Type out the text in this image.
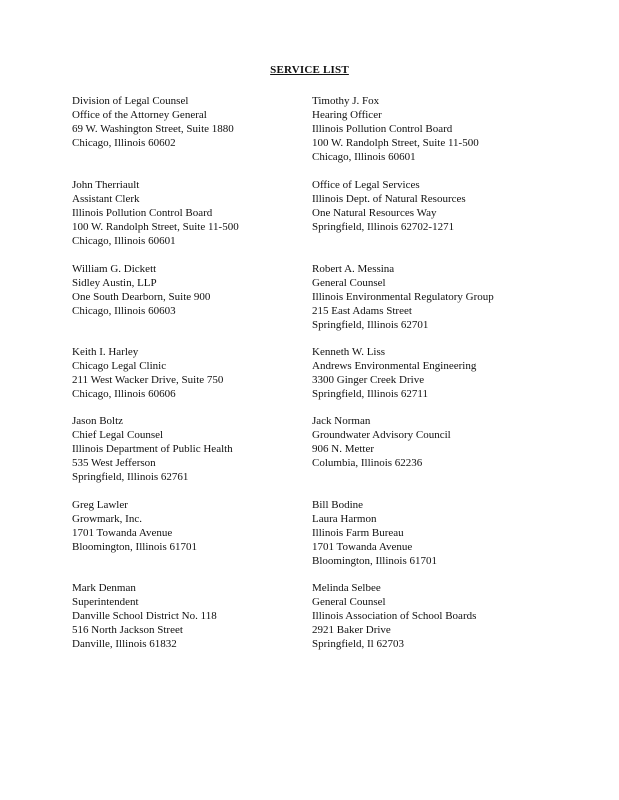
SERVICE LIST
Division of Legal Counsel
Office of the Attorney General
69 W. Washington Street, Suite 1880
Chicago, Illinois 60602
Timothy J. Fox
Hearing Officer
Illinois Pollution Control Board
100 W. Randolph Street, Suite 11-500
Chicago, Illinois 60601
John Therriault
Assistant Clerk
Illinois Pollution Control Board
100 W. Randolph Street, Suite 11-500
Chicago, Illinois 60601
Office of Legal Services
Illinois Dept. of Natural Resources
One Natural Resources Way
Springfield, Illinois 62702-1271
William G. Dickett
Sidley Austin, LLP
One South Dearborn, Suite 900
Chicago, Illinois 60603
Robert A. Messina
General Counsel
Illinois Environmental Regulatory Group
215 East Adams Street
Springfield, Illinois 62701
Keith I. Harley
Chicago Legal Clinic
211 West Wacker Drive, Suite 750
Chicago, Illinois 60606
Kenneth W. Liss
Andrews Environmental Engineering
3300 Ginger Creek Drive
Springfield, Illinois 62711
Jason Boltz
Chief Legal Counsel
Illinois Department of Public Health
535 West Jefferson
Springfield, Illinois 62761
Jack Norman
Groundwater Advisory Council
906 N. Metter
Columbia, Illinois 62236
Greg Lawler
Growmark, Inc.
1701 Towanda Avenue
Bloomington, Illinois 61701
Bill Bodine
Laura Harmon
Illinois Farm Bureau
1701 Towanda Avenue
Bloomington, Illinois 61701
Mark Denman
Superintendent
Danville School District No. 118
516 North Jackson Street
Danville, Illinois 61832
Melinda Selbee
General Counsel
Illinois Association of School Boards
2921 Baker Drive
Springfield, Il 62703
